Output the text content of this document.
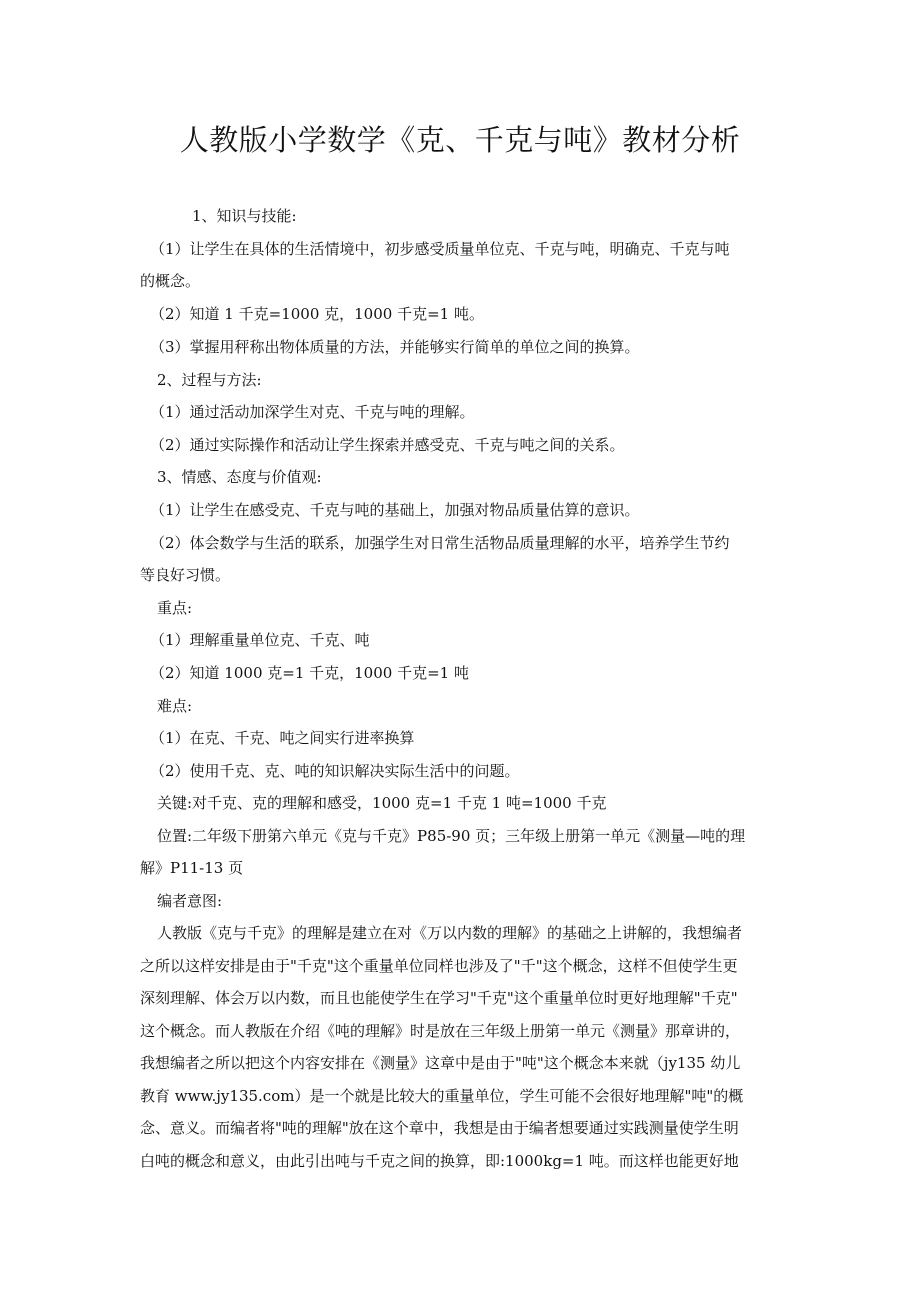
人教版小学数学《克、千克与吨》教材分析
1、知识与技能:
（1）让学生在具体的生活情境中，初步感受质量单位克、千克与吨，明确克、千克与吨
的概念。
（2）知道 1 千克=1000 克，1000 千克=1 吨。
（3）掌握用秤称出物体质量的方法，并能够实行简单的单位之间的换算。
2、过程与方法:
（1）通过活动加深学生对克、千克与吨的理解。
（2）通过实际操作和活动让学生探索并感受克、千克与吨之间的关系。
3、情感、态度与价值观:
（1）让学生在感受克、千克与吨的基础上，加强对物品质量估算的意识。
（2）体会数学与生活的联系，加强学生对日常生活物品质量理解的水平，培养学生节约
等良好习惯。
重点:
（1）理解重量单位克、千克、吨
（2）知道 1000 克=1 千克，1000 千克=1 吨
难点:
（1）在克、千克、吨之间实行进率换算
（2）使用千克、克、吨的知识解决实际生活中的问题。
关键:对千克、克的理解和感受，1000 克=1 千克 1 吨=1000 千克
位置:二年级下册第六单元《克与千克》P85-90 页；三年级上册第一单元《测量—吨的理
解》P11-13 页
编者意图:
人教版《克与千克》的理解是建立在对《万以内数的理解》的基础之上讲解的，我想编者
之所以这样安排是由于"千克"这个重量单位同样也涉及了"千"这个概念，这样不但使学生更
深刻理解、体会万以内数，而且也能使学生在学习"千克"这个重量单位时更好地理解"千克"
这个概念。而人教版在介绍《吨的理解》时是放在三年级上册第一单元《测量》那章讲的，
我想编者之所以把这个内容安排在《测量》这章中是由于"吨"这个概念本来就（jy135 幼儿
教育 www.jy135.com）是一个就是比较大的重量单位，学生可能不会很好地理解"吨"的概
念、意义。而编者将"吨的理解"放在这个章中，我想是由于编者想要通过实践测量使学生明
白吨的概念和意义，由此引出吨与千克之间的换算，即:1000kg=1 吨。而这样也能更好地
